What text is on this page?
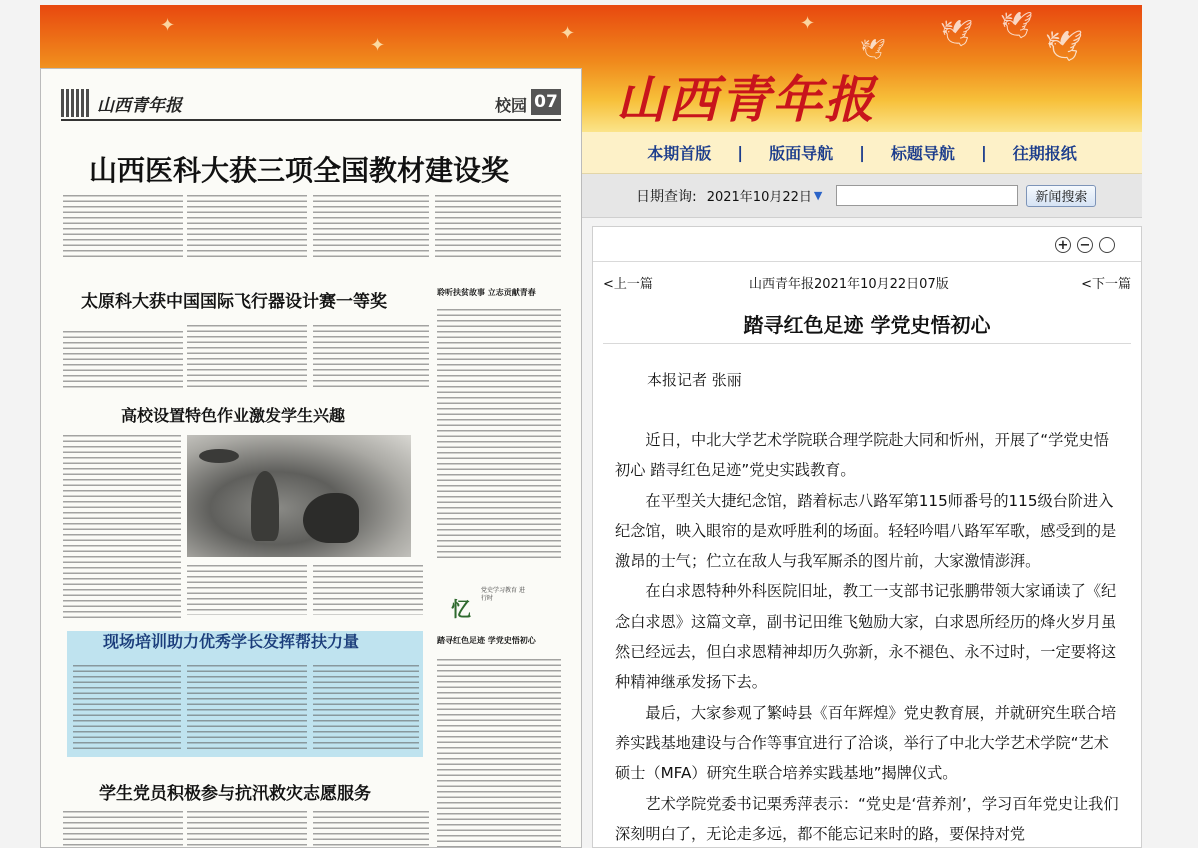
✦
✦
✦	✦	🕊 🕊
🕊
🕊
山西青年报
本期首版	|	版面导航	|	标题导航	|	往期报纸
日期查询: 2021年10月22日 ▼	新闻搜索
山西青年报	校园 07
山西医科大获三项全国教材建设奖
太原科大获中国国际飞行器设计赛一等奖	聆听扶贫故事 立志贡献青春
高校设置特色作业激发学生兴趣
忆
党史学习教育 进行时
现场培训助力优秀学长发挥帮扶力量	踏寻红色足迹 学党史悟初心
学生党员积极参与抗汛救灾志愿服务
+ −
<上一篇	山西青年报2021年10月22日07版	<下一篇
踏寻红色足迹 学党史悟初心
本报记者 张丽

近日，中北大学艺术学院联合理学院赴大同和忻州，开展了“学党史悟初心 踏寻红色足迹”党史实践教育。

在平型关大捷纪念馆，踏着标志八路军第115师番号的115级台阶进入纪念馆，映入眼帘的是欢呼胜利的场面。轻轻吟唱八路军军歌，感受到的是激昂的士气；伫立在敌人与我军厮杀的图片前，大家激情澎湃。

在白求恩特种外科医院旧址，教工一支部书记张鹏带领大家诵读了《纪念白求恩》这篇文章，副书记田维飞勉励大家，白求恩所经历的烽火岁月虽然已经远去，但白求恩精神却历久弥新，永不褪色、永不过时，一定要将这种精神继承发扬下去。

最后，大家参观了繁峙县《百年辉煌》党史教育展，并就研究生联合培养实践基地建设与合作等事宜进行了洽谈，举行了中北大学艺术学院“艺术硕士（MFA）研究生联合培养实践基地”揭牌仪式。

艺术学院党委书记栗秀萍表示：“党史是‘营养剂’，学习百年党史让我们深刻明白了，无论走多远，都不能忘记来时的路，要保持对党
